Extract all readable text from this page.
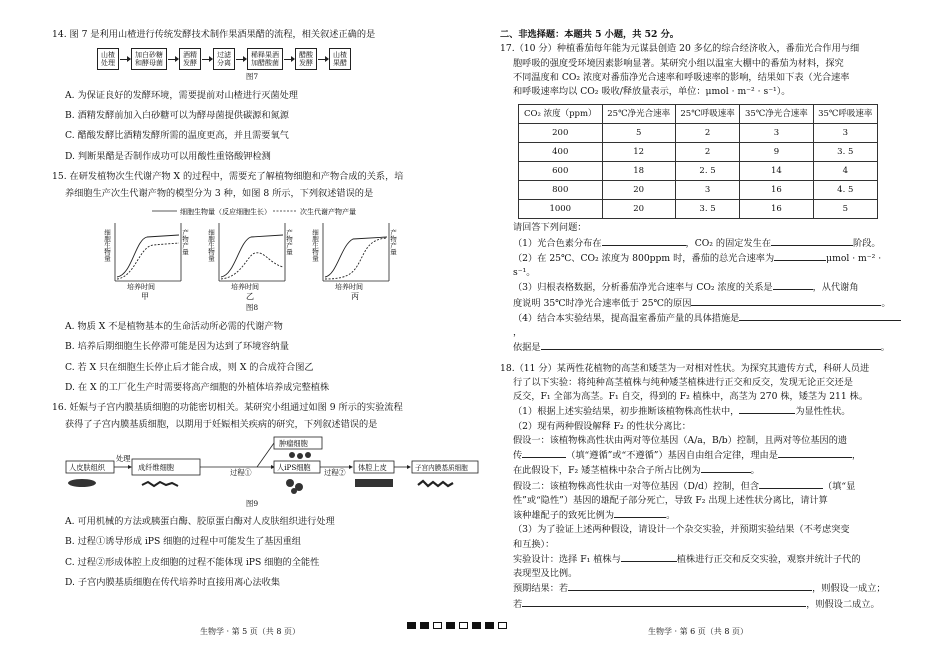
14. 图 7 是利用山楂进行传统发酵技术制作果酒果醋的流程，相关叙述正确的是
山楂
处理
加白砂糖
和酵母菌
酒精
发酵
过滤
分离
稀释果酒
加醋酸菌
醋酸
发酵
山楂
果醋
图7
A. 为保证良好的发酵环境，需要提前对山楂进行灭菌处理
B. 酒精发酵前加入白砂糖可以为酵母菌提供碳源和氮源
C. 醋酸发酵比酒精发酵所需的温度更高，并且需要氧气
D. 判断果醋是否制作成功可以用酸性重铬酸钾检测
15. 在研发植物次生代谢产物 X 的过程中，需要充了解植物细胞和产物合成的关系，培
养细胞生产次生代谢产物的模型分为 3 种，如图 8 所示，下列叙述错误的是
细胞生物量（反应细胞生长）	次生代谢产物产量
细胞生物量	产物产量
培养时间
甲
细胞生物量	产物产量
培养时间
乙
细胞生物量	产物产量
培养时间
丙
图8
A. 物质 X 不是植物基本的生命活动所必需的代谢产物
B. 培养后期细胞生长停滞可能是因为达到了环境容纳量
C. 若 X 只在细胞生长停止后才能合成，则 X 的合成符合图乙
D. 在 X 的工厂化生产时需要将高产细胞的外植体培养成完整植株
16. 妊娠与子宫内膜基质细胞的功能密切相关。某研究小组通过如图 9 所示的实验流程
获得了子宫内膜基质细胞，以期用于妊娠相关疾病的研究，下列叙述错误的是
人皮肤组织
处理
成纤维细胞
过程①
肿瘤细胞
人iPS细胞
过程②
体腔上皮	子宫内膜基质细胞
图9
A. 可用机械的方法或胰蛋白酶、胶原蛋白酶对人皮肤组织进行处理
B. 过程①诱导形成 iPS 细胞的过程中可能发生了基因重组
C. 过程②形成体腔上皮细胞的过程不能体现 iPS 细胞的全能性
D. 子宫内膜基质细胞在传代培养时直接用离心法收集
二、非选择题：本题共 5 小题，共 52 分。
17.（10 分）种植番茄每年能为元谋县创造 20 多亿的综合经济收入，番茄光合作用与细
胞呼吸的强度受环境因素影响显著。某研究小组以温室大棚中的番茄为材料，探究
不同温度和 CO₂ 浓度对番茄净光合速率和呼吸速率的影响，结果如下表（光合速率
和呼吸速率均以 CO₂ 吸收/释放量表示，单位：μmol · m⁻² · s⁻¹）。
CO₂ 浓度（ppm）	25℃净光合速率	25℃呼吸速率	35℃净光合速率	35℃呼吸速率
200	5	2	3	3
400	12	2	9	3. 5
600	18	2. 5	14	4
800	20	3	16	4. 5
1000	20	3. 5	16	5
请回答下列问题：
（1）光合色素分布在	，CO₂ 的固定发生在	阶段。
（2）在 25℃、CO₂ 浓度为 800ppm 时，番茄的总光合速率为	μmol · m⁻² · s⁻¹。
（3）归根表格数据，分析番茄净光合速率与 CO₂ 浓度的关系是	，从代谢角
度说明 35℃时净光合速率低于 25℃的原因	。
（4）结合本实验结果，提高温室番茄产量的具体措施是，
依据是	。
18.（11 分）某两性花植物的高茎和矮茎为一对相对性状。为探究其遗传方式，科研人员进
行了以下实验：将纯种高茎植株与纯种矮茎植株进行正交和反交，发现无论正交还是
反交，F₁ 全部为高茎。F₁ 自交，得到的 F₂ 植株中，高茎为 270 株，矮茎为 211 株。
（1）根据上述实验结果，初步推断该植物株高性状中，	为显性性状。
（2）现有两种假设解释 F₂ 的性状分离比：
假设一：该植物株高性状由两对等位基因（A/a，B/b）控制，且两对等位基因的遗
传	（填“遵循”或“不遵循”）基因自由组合定律，理由是	，
在此假设下，F₂ 矮茎植株中杂合子所占比例为	。
假设二：该植物株高性状由一对等位基因（D/d）控制，但含	（填“显
性”或“隐性”）基因的雄配子部分死亡，导致 F₂ 出现上述性状分离比，请计算
该种雄配子的致死比例为	。
（3）为了验证上述两种假设，请设计一个杂交实验，并预期实验结果（不考虑突变
和互换）：
实验设计：选择 F₁ 植株与	植株进行正交和反交实验，观察并统计子代的
表现型及比例。
预期结果：若	，则假设一成立；
若	，则假设二成立。
生物学 · 第 5 页（共 8 页）	生物学 · 第 6 页（共 8 页）
